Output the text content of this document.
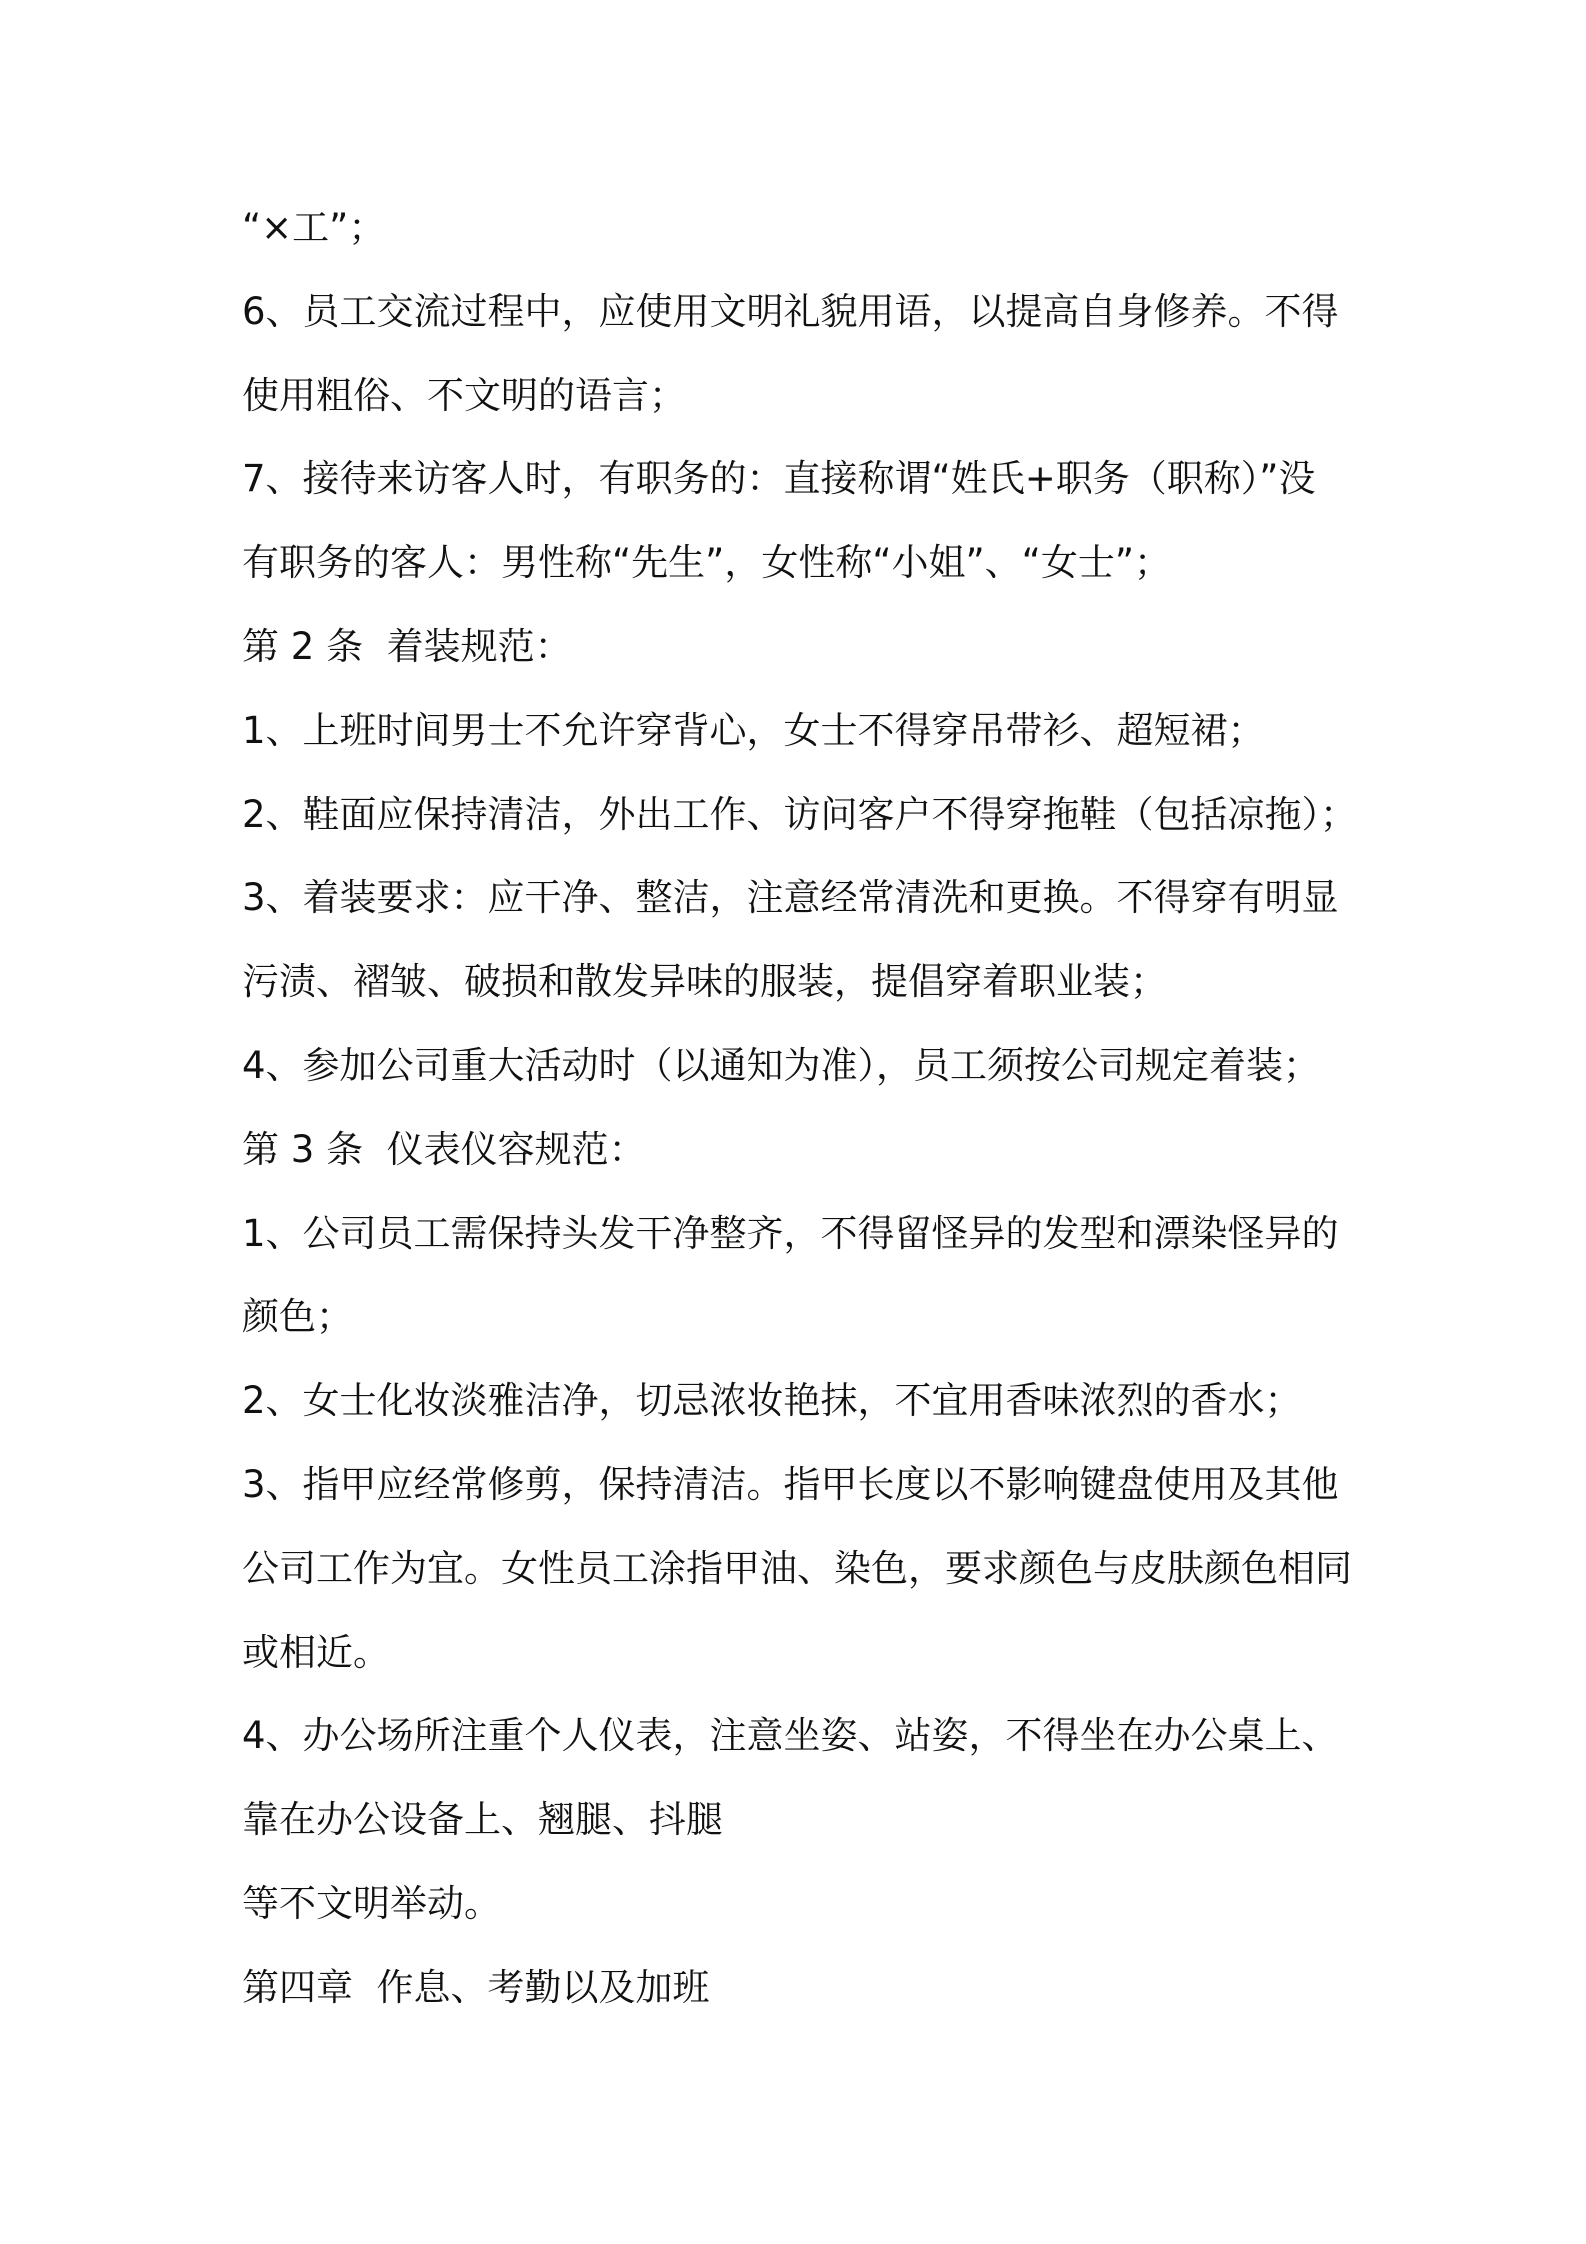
“×工”；

6、员工交流过程中，应使用文明礼貌用语，以提高自身修养。不得

使用粗俗、不文明的语言；

7、接待来访客人时，有职务的：直接称谓“姓氏+职务（职称）”没

有职务的客人：男性称“先生”，女性称“小姐”、“女士”；

第 2 条  着装规范：

1、上班时间男士不允许穿背心，女士不得穿吊带衫、超短裙；

2、鞋面应保持清洁，外出工作、访问客户不得穿拖鞋（包括凉拖）；

3、着装要求：应干净、整洁，注意经常清洗和更换。不得穿有明显

污渍、褶皱、破损和散发异味的服装，提倡穿着职业装；

4、参加公司重大活动时（以通知为准），员工须按公司规定着装；

第 3 条  仪表仪容规范：

1、公司员工需保持头发干净整齐，不得留怪异的发型和漂染怪异的

颜色；

2、女士化妆淡雅洁净，切忌浓妆艳抹，不宜用香味浓烈的香水；

3、指甲应经常修剪，保持清洁。指甲长度以不影响键盘使用及其他

公司工作为宜。女性员工涂指甲油、染色，要求颜色与皮肤颜色相同

或相近。

4、办公场所注重个人仪表，注意坐姿、站姿，不得坐在办公桌上、

靠在办公设备上、翘腿、抖腿

等不文明举动。

第四章  作息、考勤以及加班
